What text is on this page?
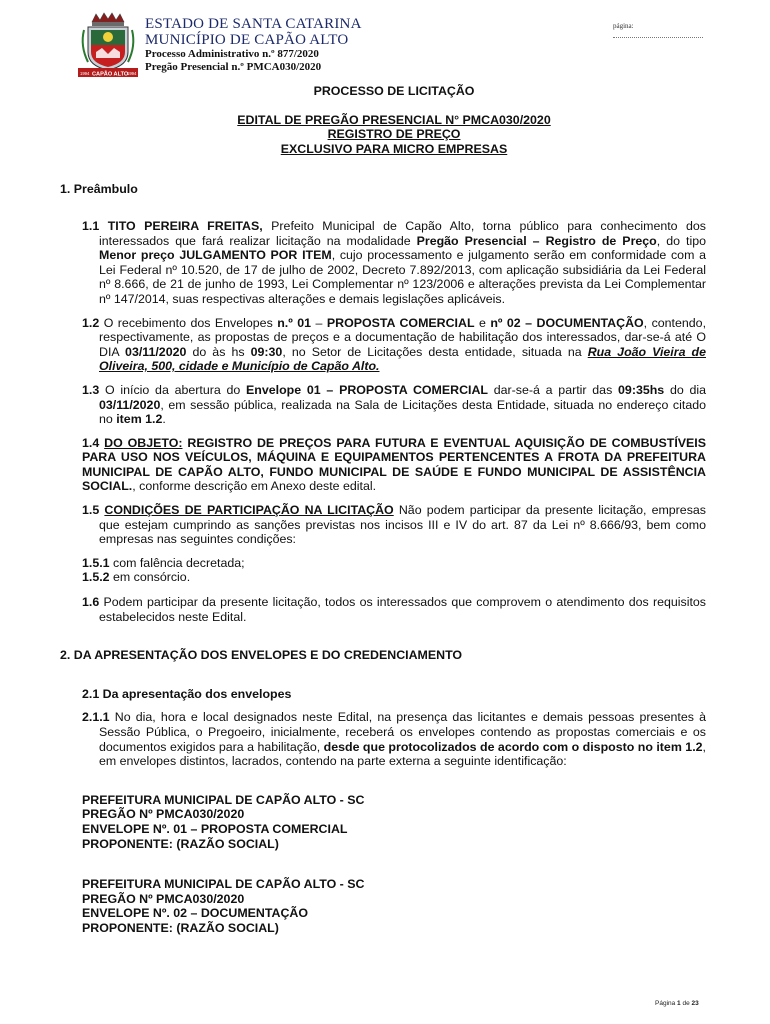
1994 CAPÃO ALTO
1994
ESTADO DE SANTA CATARINA
MUNICÍPIO DE CAPÃO ALTO
Processo Administrativo n.º 877/2020
Pregão Presencial n.º PMCA030/2020
página:

PROCESSO DE LICITAÇÃO

EDITAL DE PREGÃO PRESENCIAL N° PMCA030/2020

REGISTRO DE PREÇO

EXCLUSIVO PARA MICRO EMPRESAS

1. Preâmbulo

1.1 TITO PEREIRA FREITAS, Prefeito Municipal de Capão Alto, torna público para conhecimento dos interessados que fará realizar licitação na modalidade Pregão Presencial – Registro de Preço, do tipo Menor preço JULGAMENTO POR ITEM, cujo processamento e julgamento serão em conformidade com a Lei Federal nº 10.520, de 17 de julho de 2002, Decreto 7.892/2013, com aplicação subsidiária da Lei Federal nº 8.666, de 21 de junho de 1993, Lei Complementar nº 123/2006 e alterações prevista da Lei Complementar nº 147/2014, suas respectivas alterações e demais legislações aplicáveis.

1.2 O recebimento dos Envelopes n.º 01 – PROPOSTA COMERCIAL e nº 02 – DOCUMENTAÇÃO, contendo, respectivamente, as propostas de preços e a documentação de habilitação dos interessados, dar-se-á até O DIA 03/11/2020 do às hs 09:30, no Setor de Licitações desta entidade, situada na Rua João Vieira de Oliveira, 500, cidade e Município de Capão Alto.

1.3 O início da abertura do Envelope 01 – PROPOSTA COMERCIAL dar-se-á a partir das 09:35hs do dia 03/11/2020, em sessão pública, realizada na Sala de Licitações desta Entidade, situada no endereço citado no item 1.2.

1.4 DO OBJETO: REGISTRO DE PREÇOS PARA FUTURA E EVENTUAL AQUISIÇÃO DE COMBUSTÍVEIS PARA USO NOS VEÍCULOS, MÁQUINA E EQUIPAMENTOS PERTENCENTES A FROTA DA PREFEITURA MUNICIPAL DE CAPÃO ALTO, FUNDO MUNICIPAL DE SAÚDE E FUNDO MUNICIPAL DE ASSISTÊNCIA SOCIAL., conforme descrição em Anexo deste edital.

1.5 CONDIÇÕES DE PARTICIPAÇÃO NA LICITAÇÃO Não podem participar da presente licitação, empresas que estejam cumprindo as sanções previstas nos incisos III e IV do art. 87 da Lei nº 8.666/93, bem como empresas nas seguintes condições:

1.5.1 com falência decretada;

1.5.2 em consórcio.

1.6 Podem participar da presente licitação, todos os interessados que comprovem o atendimento dos requisitos estabelecidos neste Edital.

2. DA APRESENTAÇÃO DOS ENVELOPES E DO CREDENCIAMENTO

2.1 Da apresentação dos envelopes

2.1.1 No dia, hora e local designados neste Edital, na presença das licitantes e demais pessoas presentes à Sessão Pública, o Pregoeiro, inicialmente, receberá os envelopes contendo as propostas comerciais e os documentos exigidos para a habilitação, desde que protocolizados de acordo com o disposto no item 1.2, em envelopes distintos, lacrados, contendo na parte externa a seguinte identificação:

PREFEITURA MUNICIPAL DE CAPÃO ALTO - SC
PREGÃO Nº PMCA030/2020
ENVELOPE Nº. 01 – PROPOSTA COMERCIAL
PROPONENTE: (RAZÃO SOCIAL)
PREFEITURA MUNICIPAL DE CAPÃO ALTO - SC
PREGÃO Nº PMCA030/2020
ENVELOPE Nº. 02 – DOCUMENTAÇÃO
PROPONENTE: (RAZÃO SOCIAL)
Página 1 de 23
